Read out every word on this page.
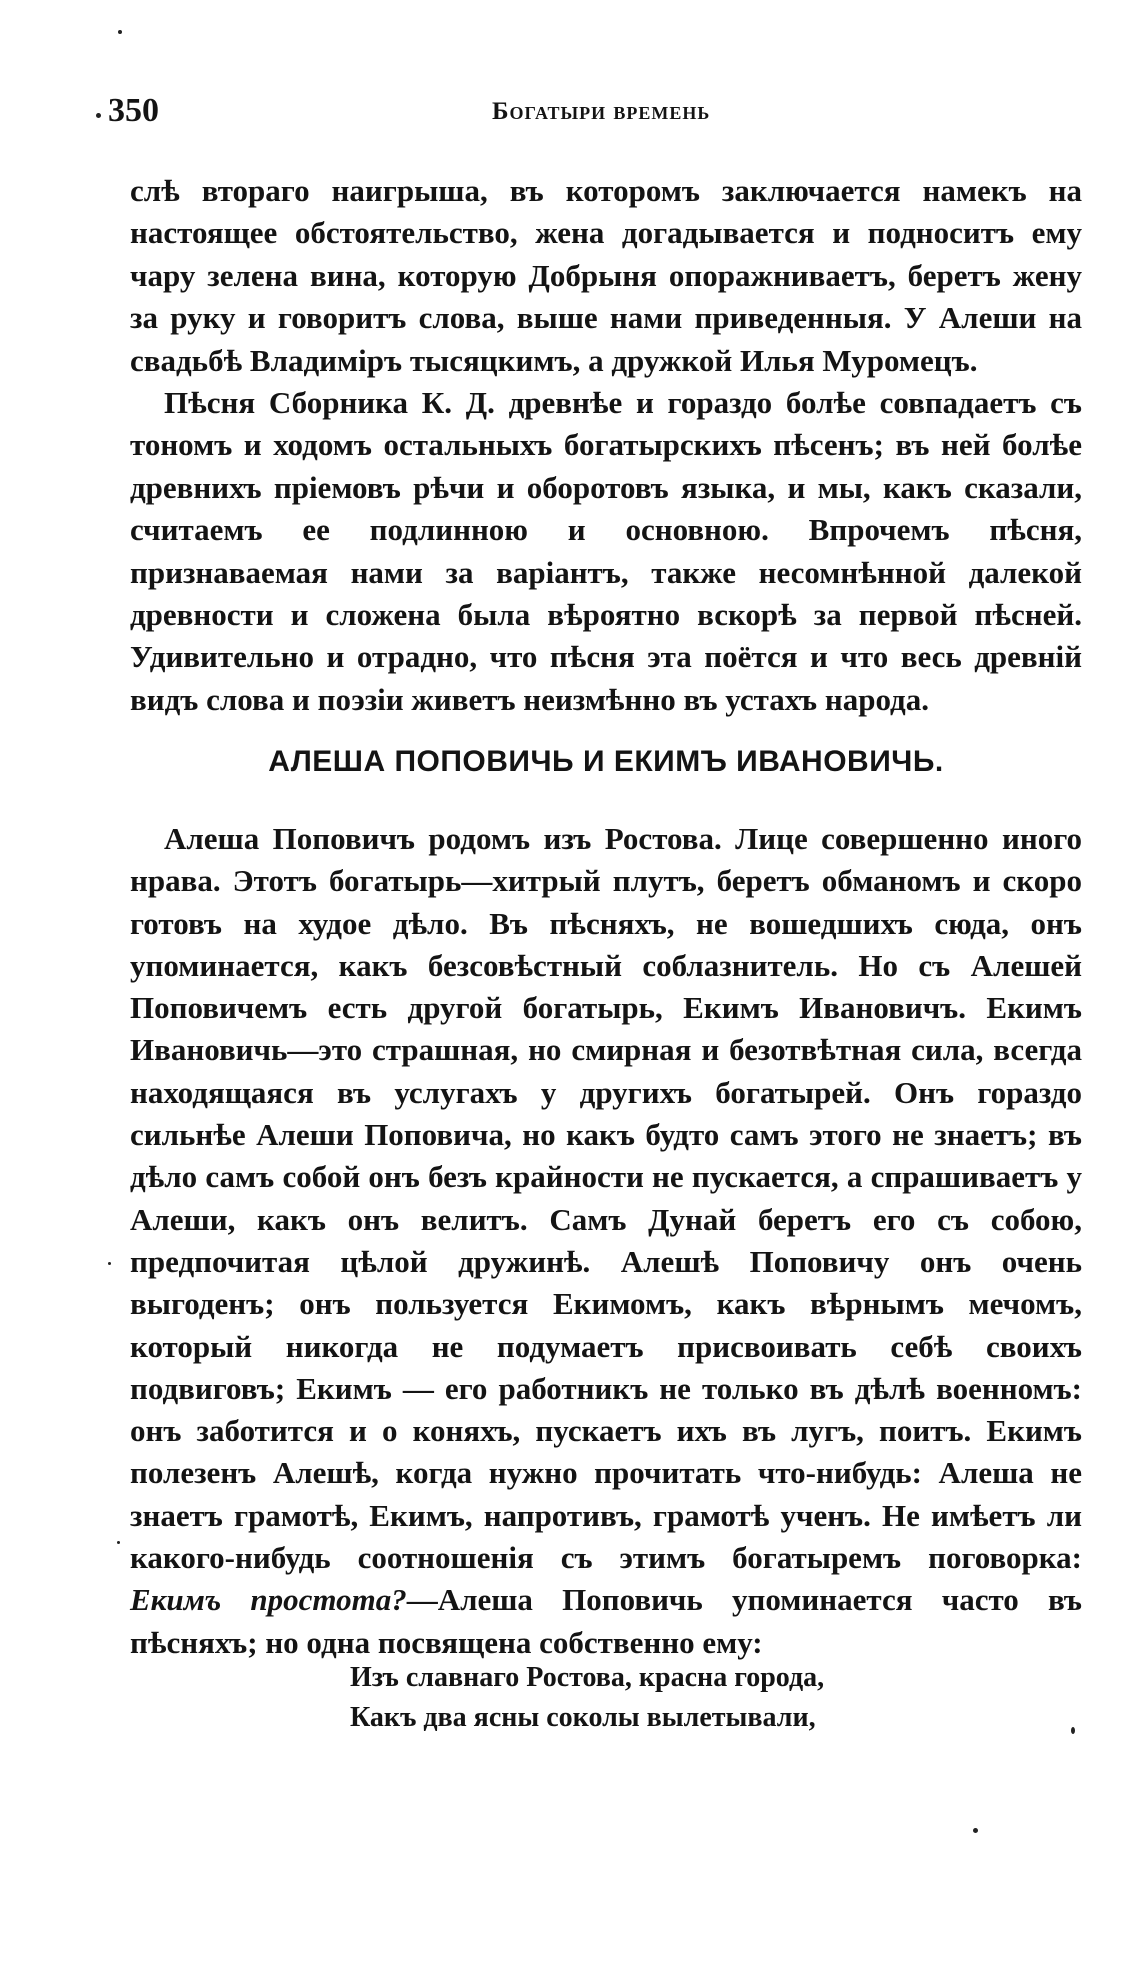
350	Богатыри времень

слѣ втораго наигрыша, въ которомъ заключается намекъ на настоящее обстоятельство, жена догадывается и подноситъ ему чару зелена вина, которую Добрыня опоражниваетъ, беретъ жену за руку и говоритъ слова, выше нами приведенныя. У Алеши на свадьбѣ Владимiръ тысяцкимъ, а дружкой Илья Муромецъ.

Пѣсня Сборника К. Д. древнѣе и гораздо болѣе совпадаетъ съ тономъ и ходомъ остальныхъ богатырскихъ пѣсенъ; въ ней болѣе древнихъ прiемовъ рѣчи и оборотовъ языка, и мы, какъ сказали, считаемъ ее подлинною и основною. Впрочемъ пѣсня, признаваемая нами за варiантъ, также несомнѣнной далекой древности и сложена была вѣроятно вскорѣ за первой пѣсней. Удивительно и отрадно, что пѣсня эта поётся и что весь древнiй видъ слова и поэзiи живетъ неизмѣнно въ устахъ народа.

АЛЕША ПОПОВИЧЬ И ЕКИМЪ ИВАНОВИЧЬ.

Алеша Поповичъ родомъ изъ Ростова. Лице совершенно иного нрава. Этотъ богатырь—хитрый плутъ, беретъ обманомъ и скоро готовъ на худое дѣло. Въ пѣсняхъ, не вошедшихъ сюда, онъ упоминается, какъ безсовѣстный соблазнитель. Но съ Алешей Поповичемъ есть другой богатырь, Екимъ Ивановичъ. Екимъ Ивановичь—это страшная, но смирная и безотвѣтная сила, всегда находящаяся въ услугахъ у другихъ богатырей. Онъ гораздо сильнѣе Алеши Поповича, но какъ будто самъ этого не знаетъ; въ дѣло самъ собой онъ безъ крайности не пускается, а спрашиваетъ у Алеши, какъ онъ велитъ. Самъ Дунай беретъ его съ собою, предпочитая цѣлой дружинѣ. Алешѣ Поповичу онъ очень выгоденъ; онъ пользуется Екимомъ, какъ вѣрнымъ мечомъ, который никогда не подумаетъ присвоивать себѣ своихъ подвиговъ; Екимъ — его работникъ не только въ дѣлѣ военномъ: онъ заботится и о коняхъ, пускаетъ ихъ въ лугъ, поитъ. Екимъ полезенъ Алешѣ, когда нужно прочитать что-нибудь: Алеша не знаетъ грамотѣ, Екимъ, напротивъ, грамотѣ ученъ. Не имѣетъ ли какого-нибудь соотношенiя съ этимъ богатыремъ поговорка: Екимъ простота?—Алеша Поповичь упоминается часто въ пѣсняхъ; но одна посвящена собственно ему:

Изъ славнаго Ростова, красна города,
Какъ два ясны соколы вылетывали,
